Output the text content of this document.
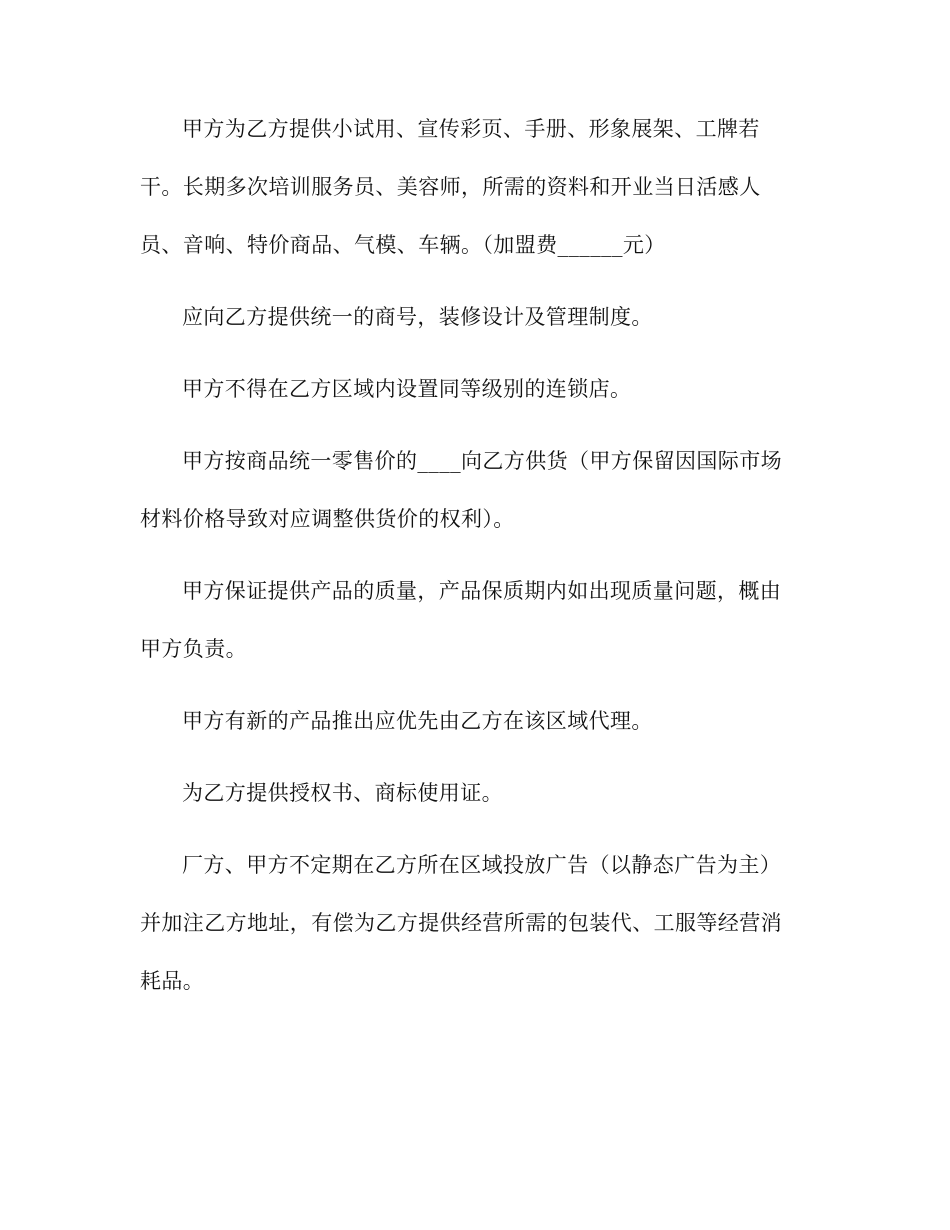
甲方为乙方提供小试用、宣传彩页、手册、形象展架、工牌若干。长期多次培训服务员、美容师，所需的资料和开业当日活感人员、音响、特价商品、气模、车辆。（加盟费______元）

应向乙方提供统一的商号，装修设计及管理制度。

甲方不得在乙方区域内设置同等级别的连锁店。

甲方按商品统一零售价的____向乙方供货（甲方保留因国际市场材料价格导致对应调整供货价的权利）。

甲方保证提供产品的质量，产品保质期内如出现质量问题，概由甲方负责。

甲方有新的产品推出应优先由乙方在该区域代理。

为乙方提供授权书、商标使用证。

厂方、甲方不定期在乙方所在区域投放广告（以静态广告为主）并加注乙方地址，有偿为乙方提供经营所需的包装代、工服等经营消耗品。
